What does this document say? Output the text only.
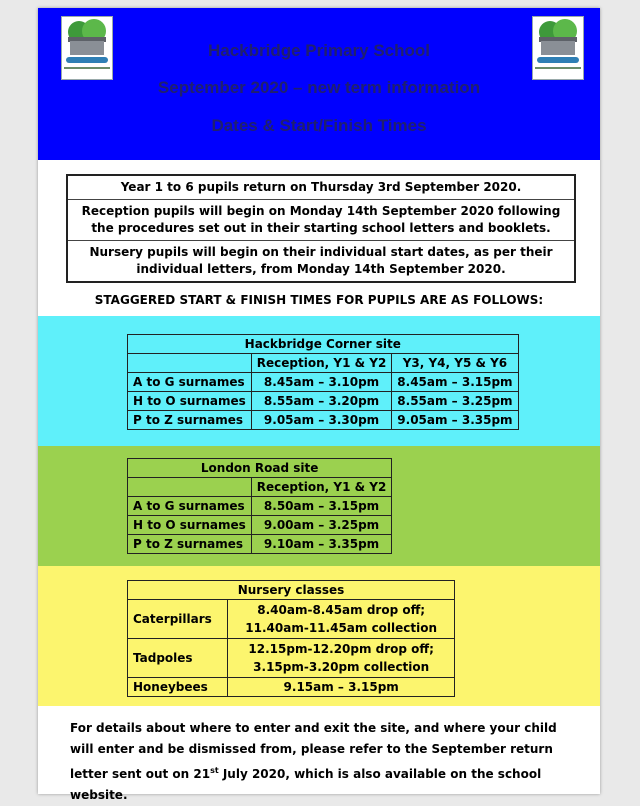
Hackbridge Primary School
September 2020 – new term information
Dates & Start/Finish Times
Year 1 to 6 pupils return on Thursday 3rd September 2020.
Reception pupils will begin on Monday 14th September 2020 following the procedures set out in their starting school letters and booklets.
Nursery pupils will begin on their individual start dates, as per their individual letters, from Monday 14th September 2020.
STAGGERED START & FINISH TIMES FOR PUPILS ARE AS FOLLOWS:
Hackbridge Corner site		
	Reception, Y1 & Y2	Y3, Y4, Y5 & Y6
A to G surnames	8.45am – 3.10pm	8.45am – 3.15pm
H to O surnames	8.55am – 3.20pm	8.55am – 3.25pm
P to Z surnames	9.05am – 3.30pm	9.05am – 3.35pm
London Road site	
	Reception, Y1 & Y2
A to G surnames	8.50am – 3.15pm
H to O surnames	9.00am – 3.25pm
P to Z surnames	9.10am – 3.35pm
Nursery classes	
Caterpillars	8.40am-8.45am drop off;
11.40am-11.45am collection

Tadpoles	12.15pm-12.20pm drop off;
3.15pm-3.20pm collection

Honeybees	9.15am – 3.15pm
For details about where to enter and exit the site, and where your child will enter and be dismissed from, please refer to the September return letter sent out on 21st July 2020, which is also available on the school website.
